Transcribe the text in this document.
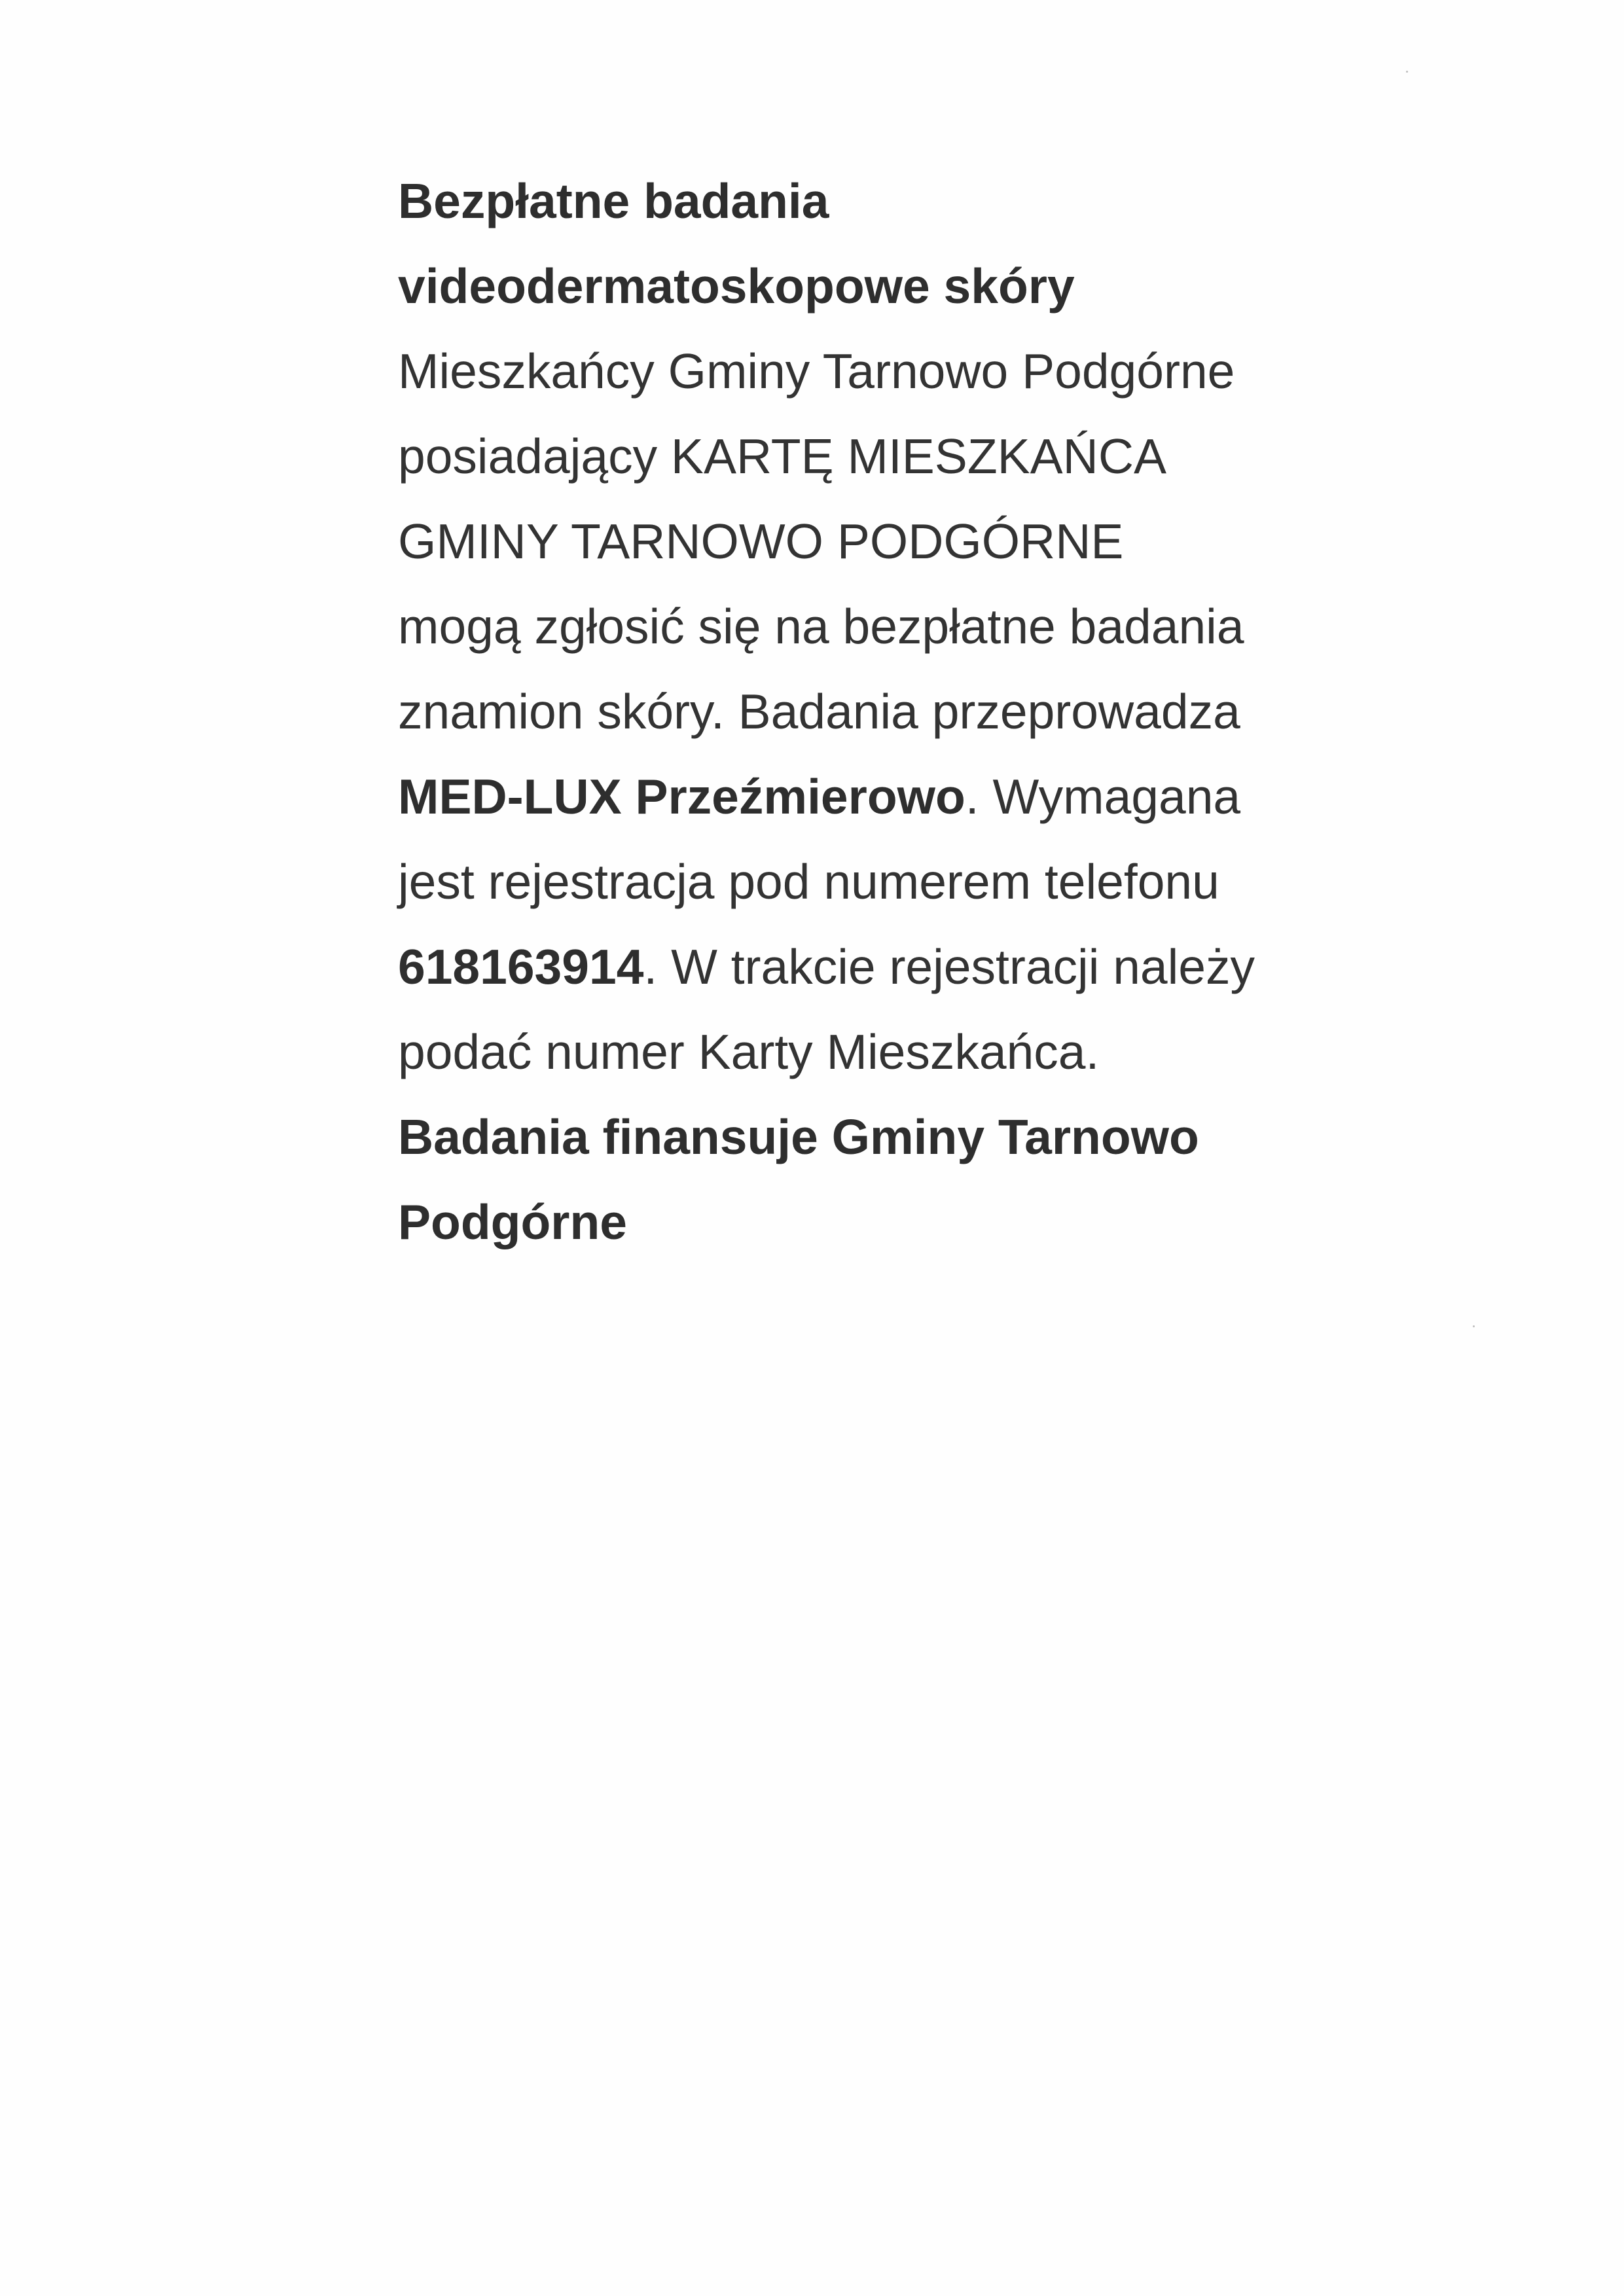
Bezpłatne badania
videodermatoskopowe skóry
Mieszkańcy Gminy Tarnowo Podgórne
posiadający KARTĘ MIESZKAŃCA
GMINY TARNOWO PODGÓRNE
mogą zgłosić się na bezpłatne badania
znamion skóry. Badania przeprowadza
MED-LUX Przeźmierowo. Wymagana
jest rejestracja pod numerem telefonu
618163914. W trakcie rejestracji należy
podać numer Karty Mieszkańca.
Badania finansuje Gminy Tarnowo
Podgórne
